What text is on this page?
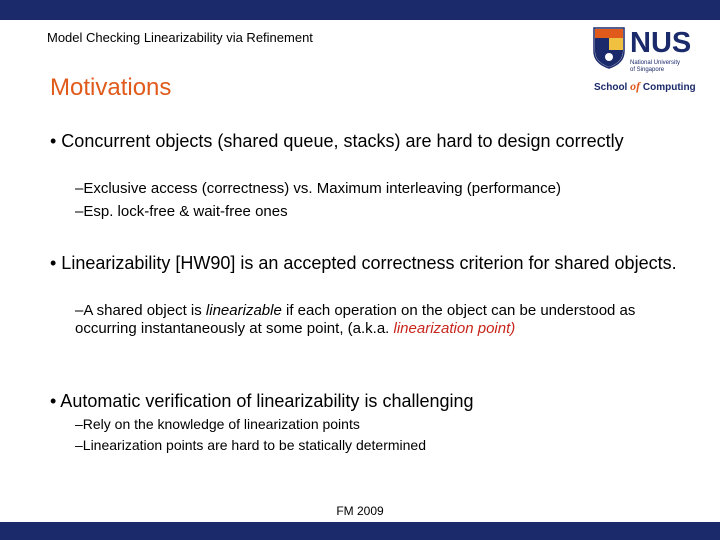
Model Checking Linearizability via Refinement	NUS
National University
of Singapore
School of Computing
Motivations
• Concurrent objects (shared queue, stacks) are hard to design correctly
–Exclusive access (correctness) vs. Maximum interleaving (performance)
–Esp. lock-free & wait-free ones
• Linearizability [HW90] is an accepted correctness criterion for shared objects.
–A shared object is linearizable if each operation on the object can be understood as occurring instantaneously at some point, (a.k.a. linearization point)
• Automatic verification of linearizability is challenging
–Rely on the knowledge of linearization points
–Linearization points are hard to be statically determined
FM 2009
